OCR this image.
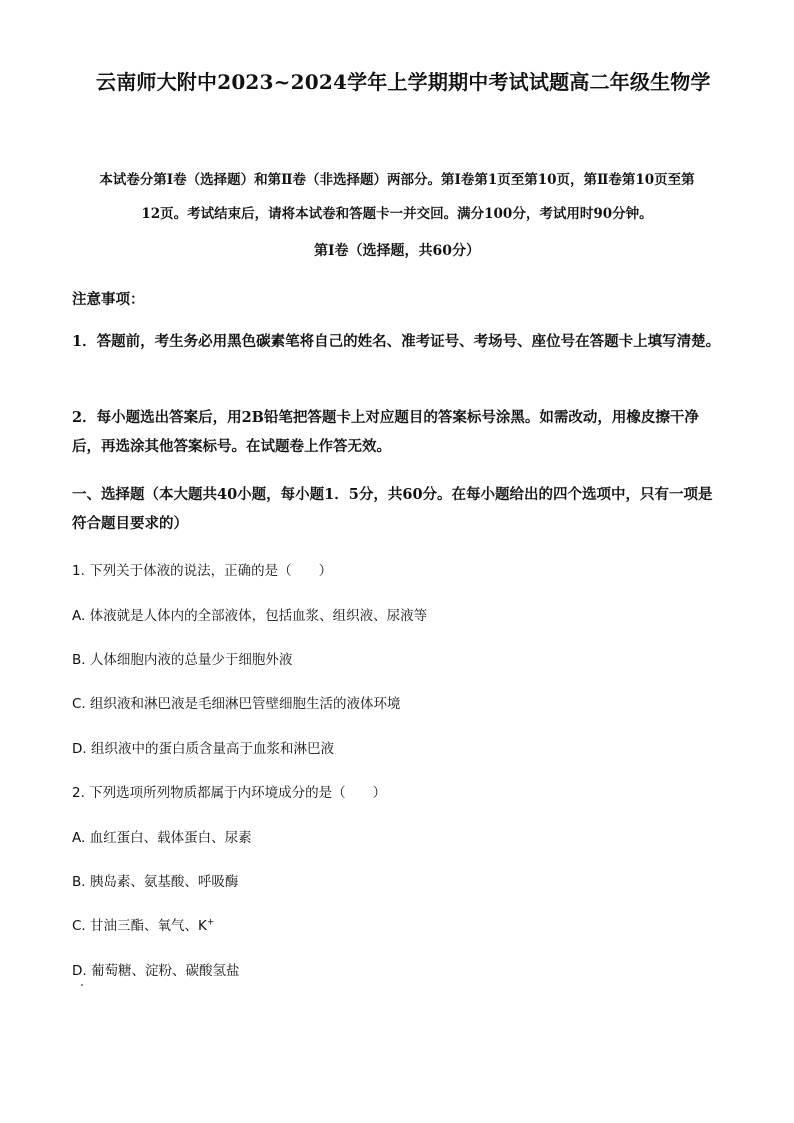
云南师大附中2023~2024学年上学期期中考试试题高二年级生物学
本试卷分第Ⅰ卷（选择题）和第Ⅱ卷（非选择题）两部分。第Ⅰ卷第1页至第10页，第Ⅱ卷第10页至第
12页。考试结束后，请将本试卷和答题卡一并交回。满分100分，考试用时90分钟。
第Ⅰ卷（选择题，共60分）
注意事项：
1．答题前，考生务必用黑色碳素笔将自己的姓名、准考证号、考场号、座位号在答题卡上填写清楚。
2．每小题选出答案后，用2B铅笔把答题卡上对应题目的答案标号涂黑。如需改动，用橡皮擦干净后，再选涂其他答案标号。在试题卷上作答无效。
一、选择题（本大题共40小题，每小题1．5分，共60分。在每小题给出的四个选项中，只有一项是符合题目要求的）
1. 下列关于体液的说法，正确的是（　　）
A. 体液就是人体内的全部液体，包括血浆、组织液、尿液等
B. 人体细胞内液的总量少于细胞外液
C. 组织液和淋巴液是毛细淋巴管壁细胞生活的液体环境
D. 组织液中的蛋白质含量高于血浆和淋巴液
2. 下列选项所列物质都属于内环境成分的是（　　）
A. 血红蛋白、载体蛋白、尿素
B. 胰岛素、氨基酸、呼吸酶
C. 甘油三酯、氧气、K+
D. 葡萄糖、淀粉、碳酸氢盐
